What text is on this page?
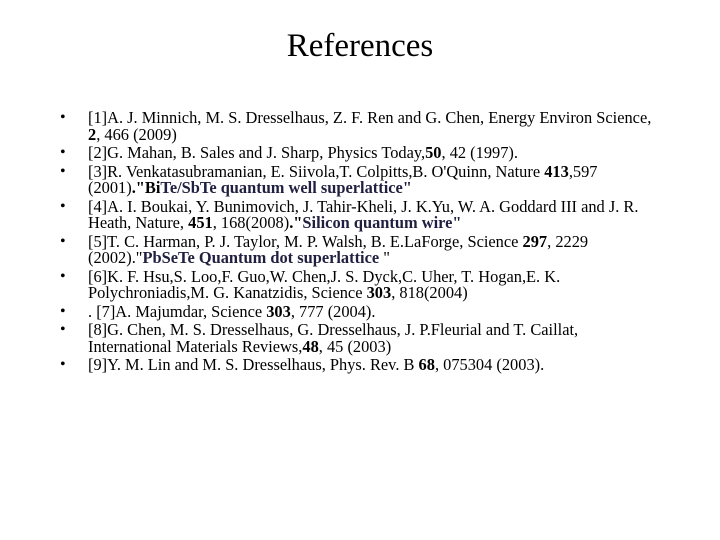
References
• [1]A. J. Minnich, M. S. Dresselhaus, Z. F. Ren and G. Chen, Energy Environ Science, 2, 466 (2009)
• [2]G. Mahan, B. Sales and J. Sharp, Physics Today,50, 42 (1997).
• [3]R. Venkatasubramanian, E. Siivola,T. Colpitts,B. O'Quinn, Nature 413,597 (2001)."BiTe/SbTe quantum well superlattice"
• [4]A. I. Boukai, Y. Bunimovich, J. Tahir-Kheli, J. K.Yu, W. A. Goddard III and J. R. Heath, Nature, 451, 168(2008)."Silicon quantum wire"
• [5]T. C. Harman, P. J. Taylor, M. P. Walsh, B. E.LaForge, Science 297, 2229 (2002)."PbSeTe Quantum dot superlattice "
• [6]K. F. Hsu,S. Loo,F. Guo,W. Chen,J. S. Dyck,C. Uher, T. Hogan,E. K. Polychroniadis,M. G. Kanatzidis, Science 303, 818(2004)
• . [7]A. Majumdar, Science 303, 777 (2004).
• [8]G. Chen, M. S. Dresselhaus, G. Dresselhaus, J. P.Fleurial and T. Caillat, International Materials Reviews,48, 45 (2003)
• [9]Y. M. Lin and M. S. Dresselhaus, Phys. Rev. B 68, 075304 (2003).
